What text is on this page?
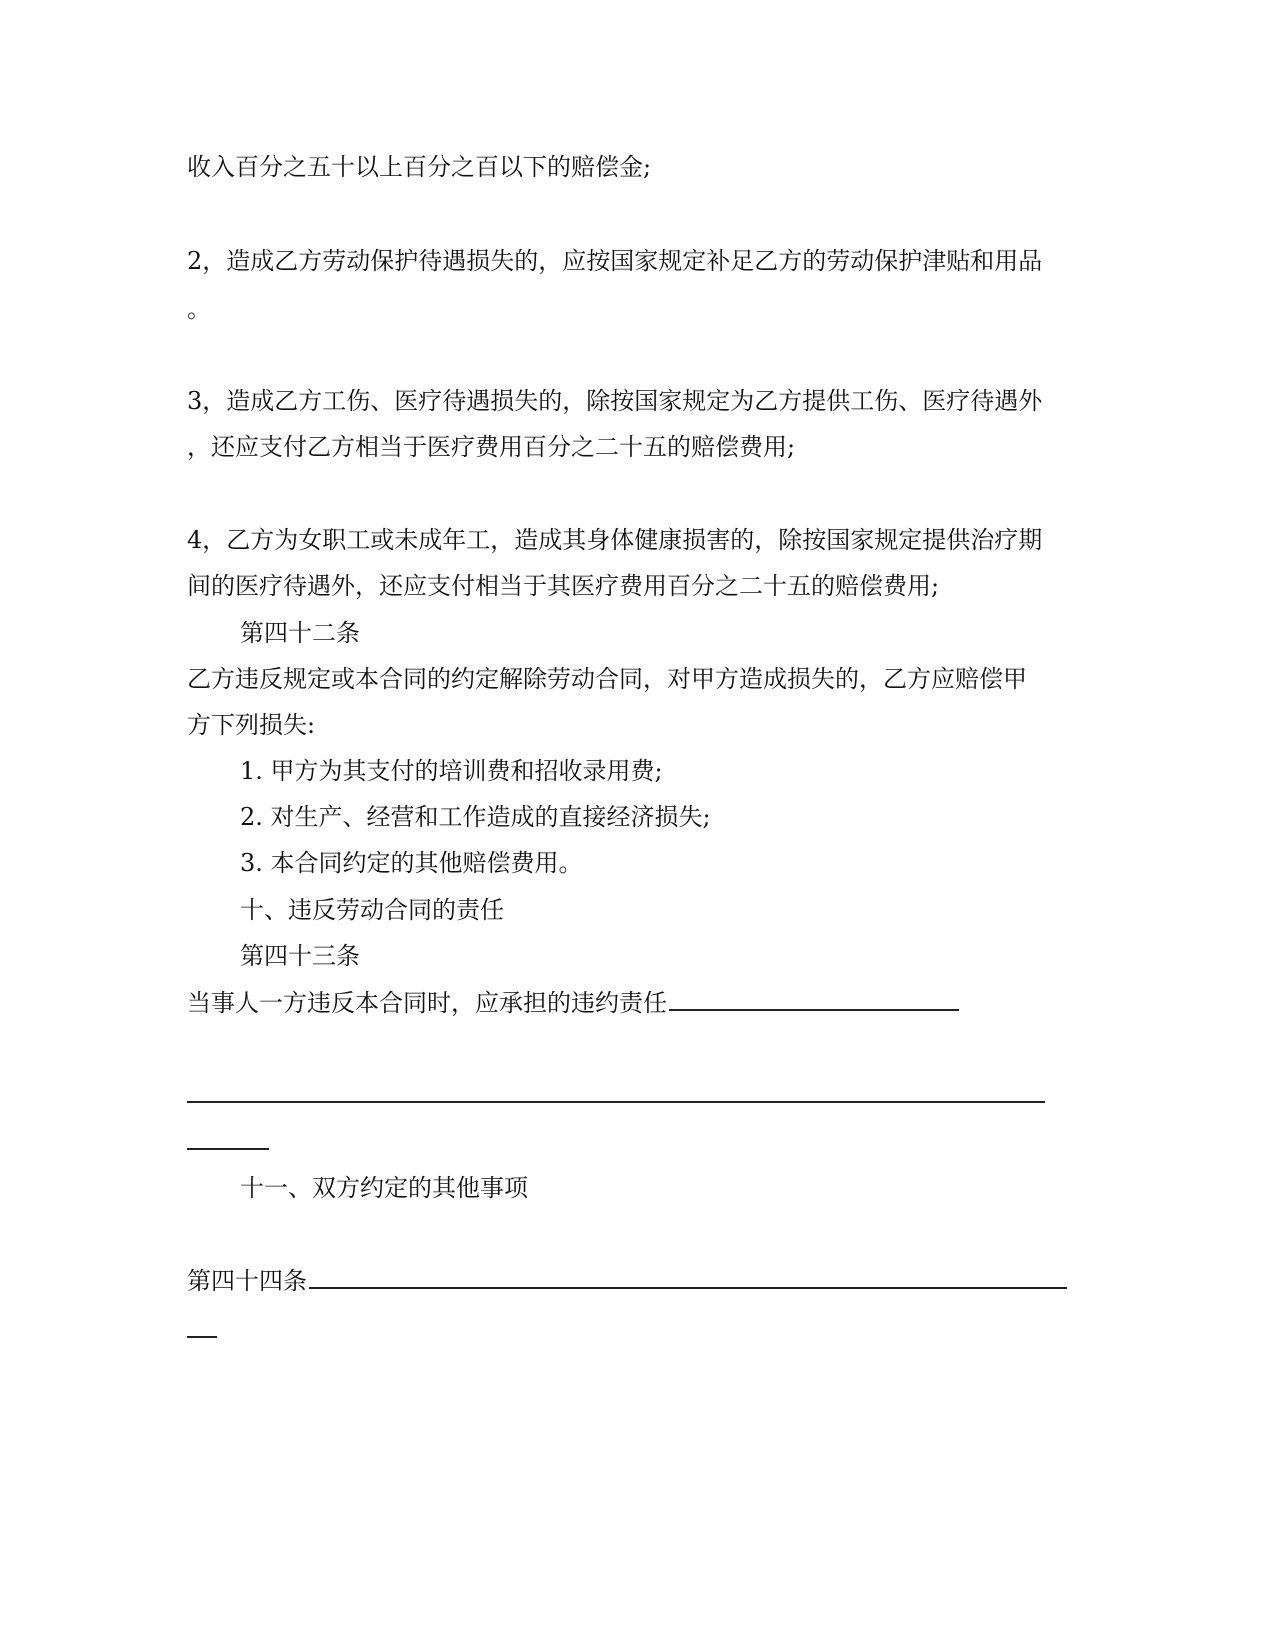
收入百分之五十以上百分之百以下的赔偿金;
2，造成乙方劳动保护待遇损失的，应按国家规定补足乙方的劳动保护津贴和用品
。
3，造成乙方工伤、医疗待遇损失的，除按国家规定为乙方提供工伤、医疗待遇外
，还应支付乙方相当于医疗费用百分之二十五的赔偿费用;
4，乙方为女职工或未成年工，造成其身体健康损害的，除按国家规定提供治疗期
间的医疗待遇外，还应支付相当于其医疗费用百分之二十五的赔偿费用;
第四十二条
乙方违反规定或本合同的约定解除劳动合同，对甲方造成损失的，乙方应赔偿甲
方下列损失:
1. 甲方为其支付的培训费和招收录用费;
2. 对生产、经营和工作造成的直接经济损失;
3. 本合同约定的其他赔偿费用。
十、违反劳动合同的责任
第四十三条
当事人一方违反本合同时，应承担的违约责任
十一、双方约定的其他事项
第四十四条
